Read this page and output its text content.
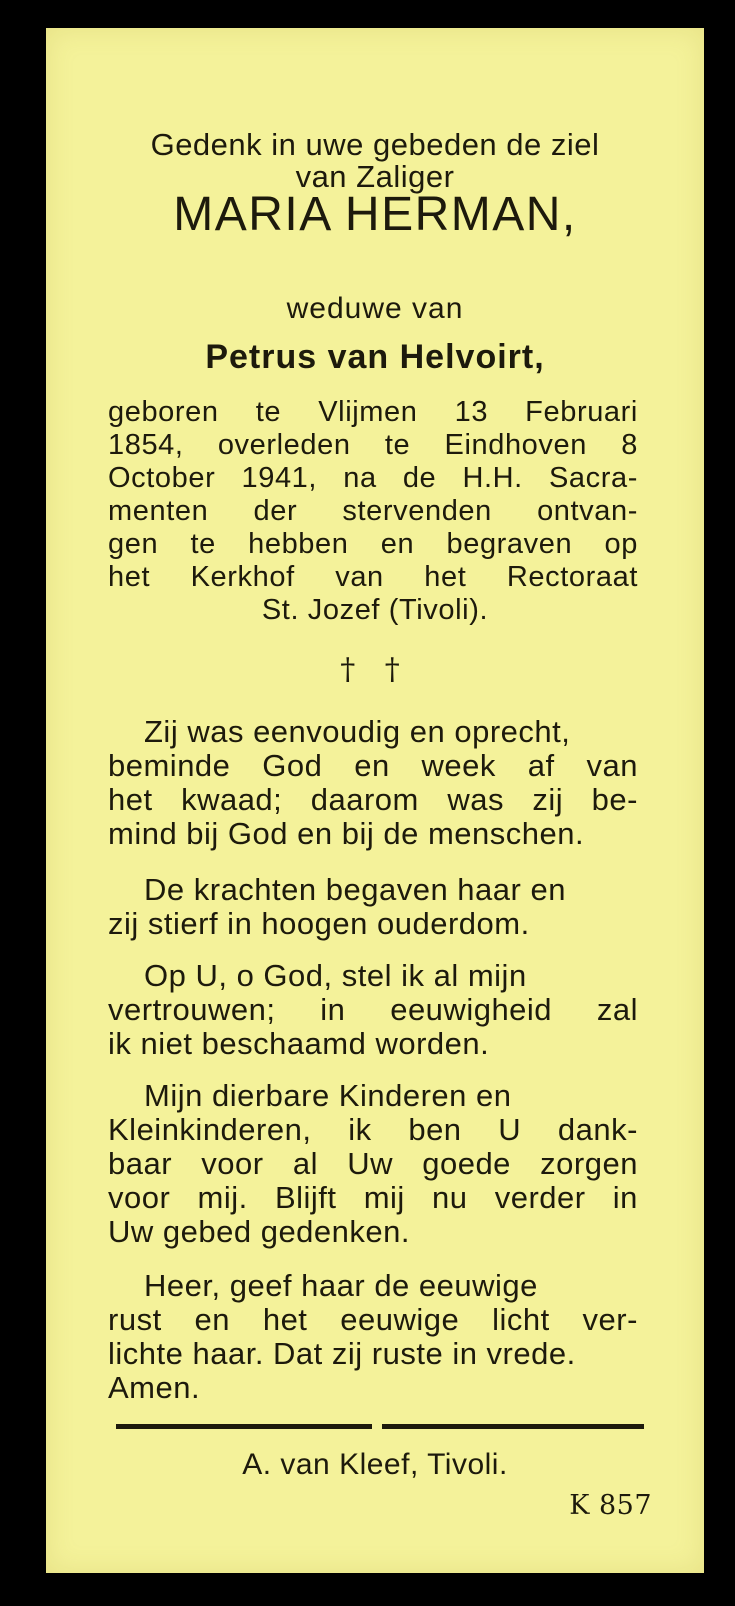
Gedenk in uwe gebeden de ziel
van Zaliger
MARIA HERMAN,
weduwe van
Petrus van Helvoirt,
geboren te Vlijmen 13 Februari
1854, overleden te Eindhoven 8
October 1941, na de H.H. Sacra-
menten der stervenden ontvan-
gen te hebben en begraven op
het Kerkhof van het Rectoraat
St. Jozef (Tivoli).
† †
Zij was eenvoudig en oprecht,
beminde God en week af van
het kwaad; daarom was zij be-
mind bij God en bij de menschen.
De krachten begaven haar en
zij stierf in hoogen ouderdom.
Op U, o God, stel ik al mijn
vertrouwen; in eeuwigheid zal
ik niet beschaamd worden.
Mijn dierbare Kinderen en
Kleinkinderen, ik ben U dank-
baar voor al Uw goede zorgen
voor mij. Blijft mij nu verder in
Uw gebed gedenken.
Heer, geef haar de eeuwige
rust en het eeuwige licht ver-
lichte haar. Dat zij ruste in vrede.
Amen.
A. van Kleef, Tivoli.
K 857
